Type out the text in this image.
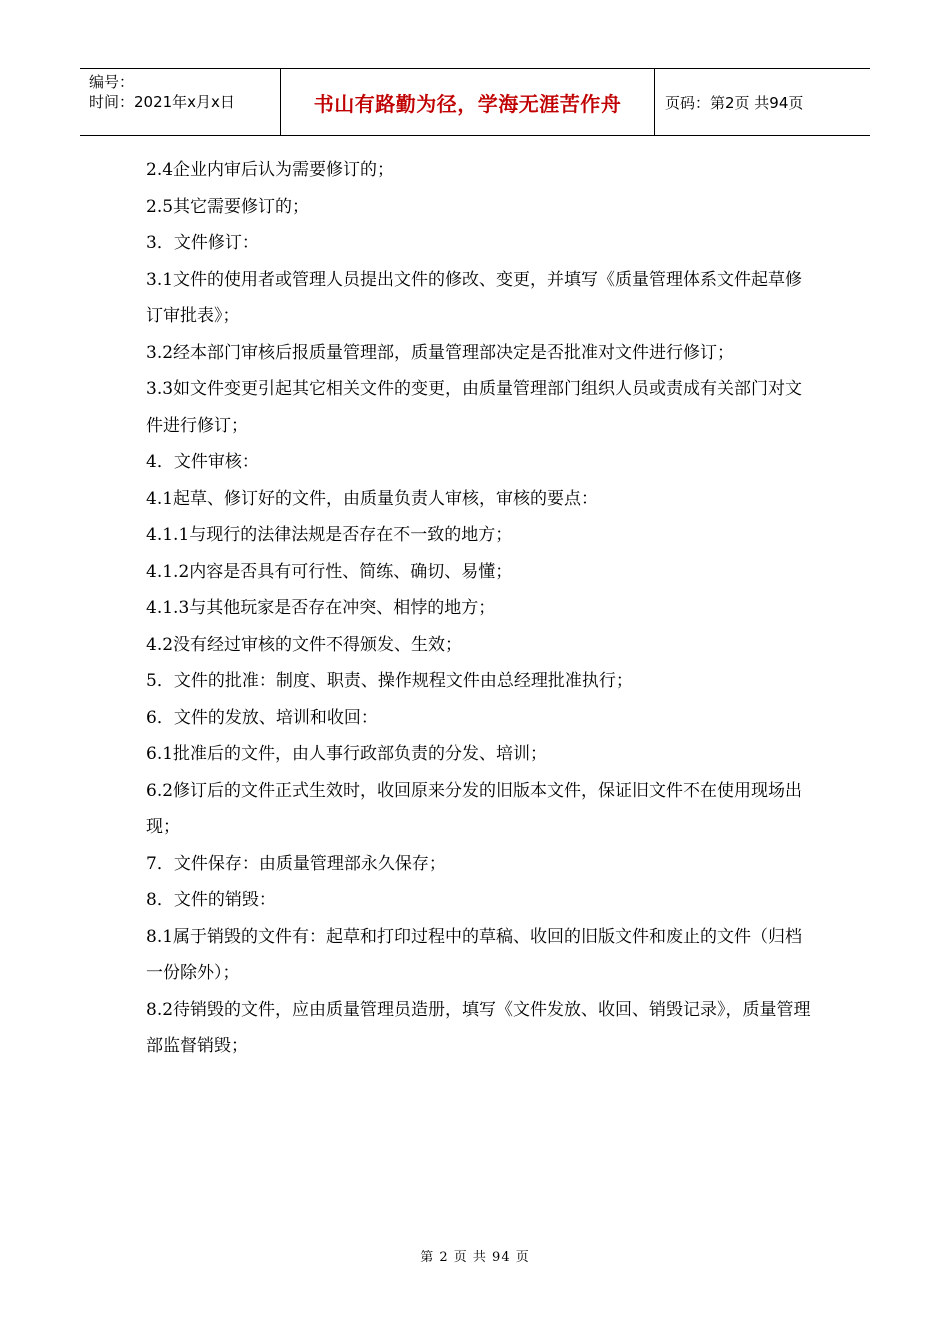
编号：
时间：2021年x月x日	书山有路勤为径，学海无涯苦作舟	页码：第2页 共94页

2.4企业内审后认为需要修订的；

2.5其它需要修订的；

3．文件修订：

3.1文件的使用者或管理人员提出文件的修改、变更，并填写《质量管理体系文件起草修订审批表》；

3.2经本部门审核后报质量管理部，质量管理部决定是否批准对文件进行修订；

3.3如文件变更引起其它相关文件的变更，由质量管理部门组织人员或责成有关部门对文件进行修订；

4．文件审核：

4.1起草、修订好的文件，由质量负责人审核，审核的要点：

4.1.1与现行的法律法规是否存在不一致的地方；

4.1.2内容是否具有可行性、简练、确切、易懂；

4.1.3与其他玩家是否存在冲突、相悖的地方；

4.2没有经过审核的文件不得颁发、生效；

5．文件的批准：制度、职责、操作规程文件由总经理批准执行；

6．文件的发放、培训和收回：

6.1批准后的文件，由人事行政部负责的分发、培训；

6.2修订后的文件正式生效时，收回原来分发的旧版本文件，保证旧文件不在使用现场出现；

7．文件保存：由质量管理部永久保存；

8．文件的销毁：

8.1属于销毁的文件有：起草和打印过程中的草稿、收回的旧版文件和废止的文件（归档一份除外）；

8.2待销毁的文件，应由质量管理员造册，填写《文件发放、收回、销毁记录》，质量管理部监督销毁；

第 2 页 共 94 页
